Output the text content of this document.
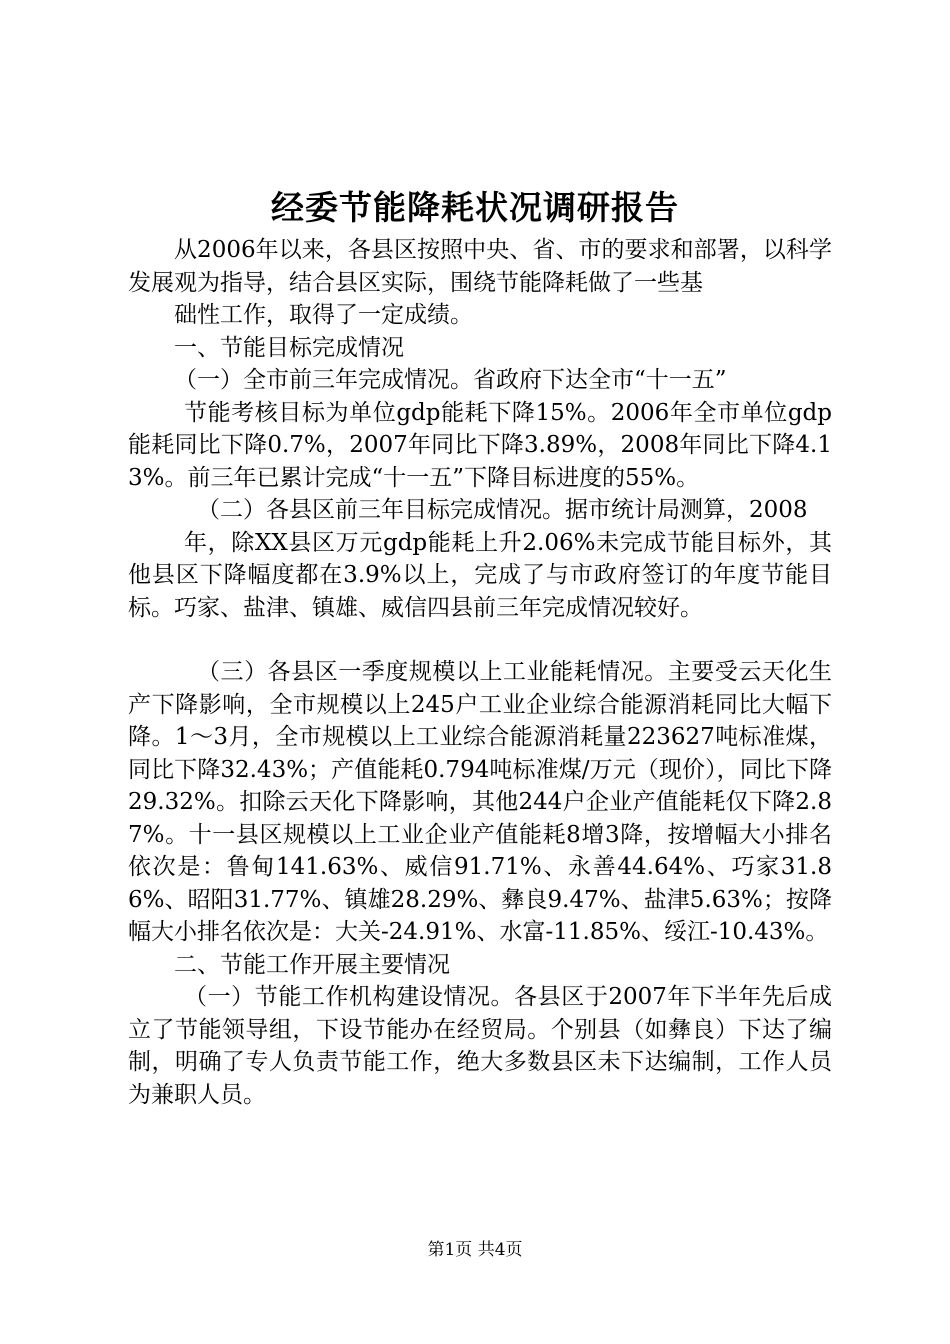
经委节能降耗状况调研报告

从2006年以来，各县区按照中央、省、市的要求和部署，以科学发展观为指导，结合县区实际，围绕节能降耗做了一些基

础性工作，取得了一定成绩。

一、节能目标完成情况

（一）全市前三年完成情况。省政府下达全市“十一五”

节能考核目标为单位gdp能耗下降15%。2006年全市单位gdp能耗同比下降0.7%，2007年同比下降3.89%，2008年同比下降4.13%。前三年已累计完成“十一五”下降目标进度的55%。

（二）各县区前三年目标完成情况。据市统计局测算，2008

年，除XX县区万元gdp能耗上升2.06%未完成节能目标外，其他县区下降幅度都在3.9%以上，完成了与市政府签订的年度节能目标。巧家、盐津、镇雄、威信四县前三年完成情况较好。

（三）各县区一季度规模以上工业能耗情况。主要受云天化生产下降影响，全市规模以上245户工业企业综合能源消耗同比大幅下降。1～3月，全市规模以上工业综合能源消耗量223627吨标准煤，同比下降32.43%；产值能耗0.794吨标准煤/万元（现价），同比下降29.32%。扣除云天化下降影响，其他244户企业产值能耗仅下降2.87%。十一县区规模以上工业企业产值能耗8增3降，按增幅大小排名依次是：鲁甸141.63%、威信91.71%、永善44.64%、巧家31.86%、昭阳31.77%、镇雄28.29%、彝良9.47%、盐津5.63%；按降幅大小排名依次是：大关-24.91%、水富-11.85%、绥江-10.43%。

二、节能工作开展主要情况

（一）节能工作机构建设情况。各县区于2007年下半年先后成立了节能领导组，下设节能办在经贸局。个别县（如彝良）下达了编制，明确了专人负责节能工作，绝大多数县区未下达编制，工作人员为兼职人员。

第1页 共4页
